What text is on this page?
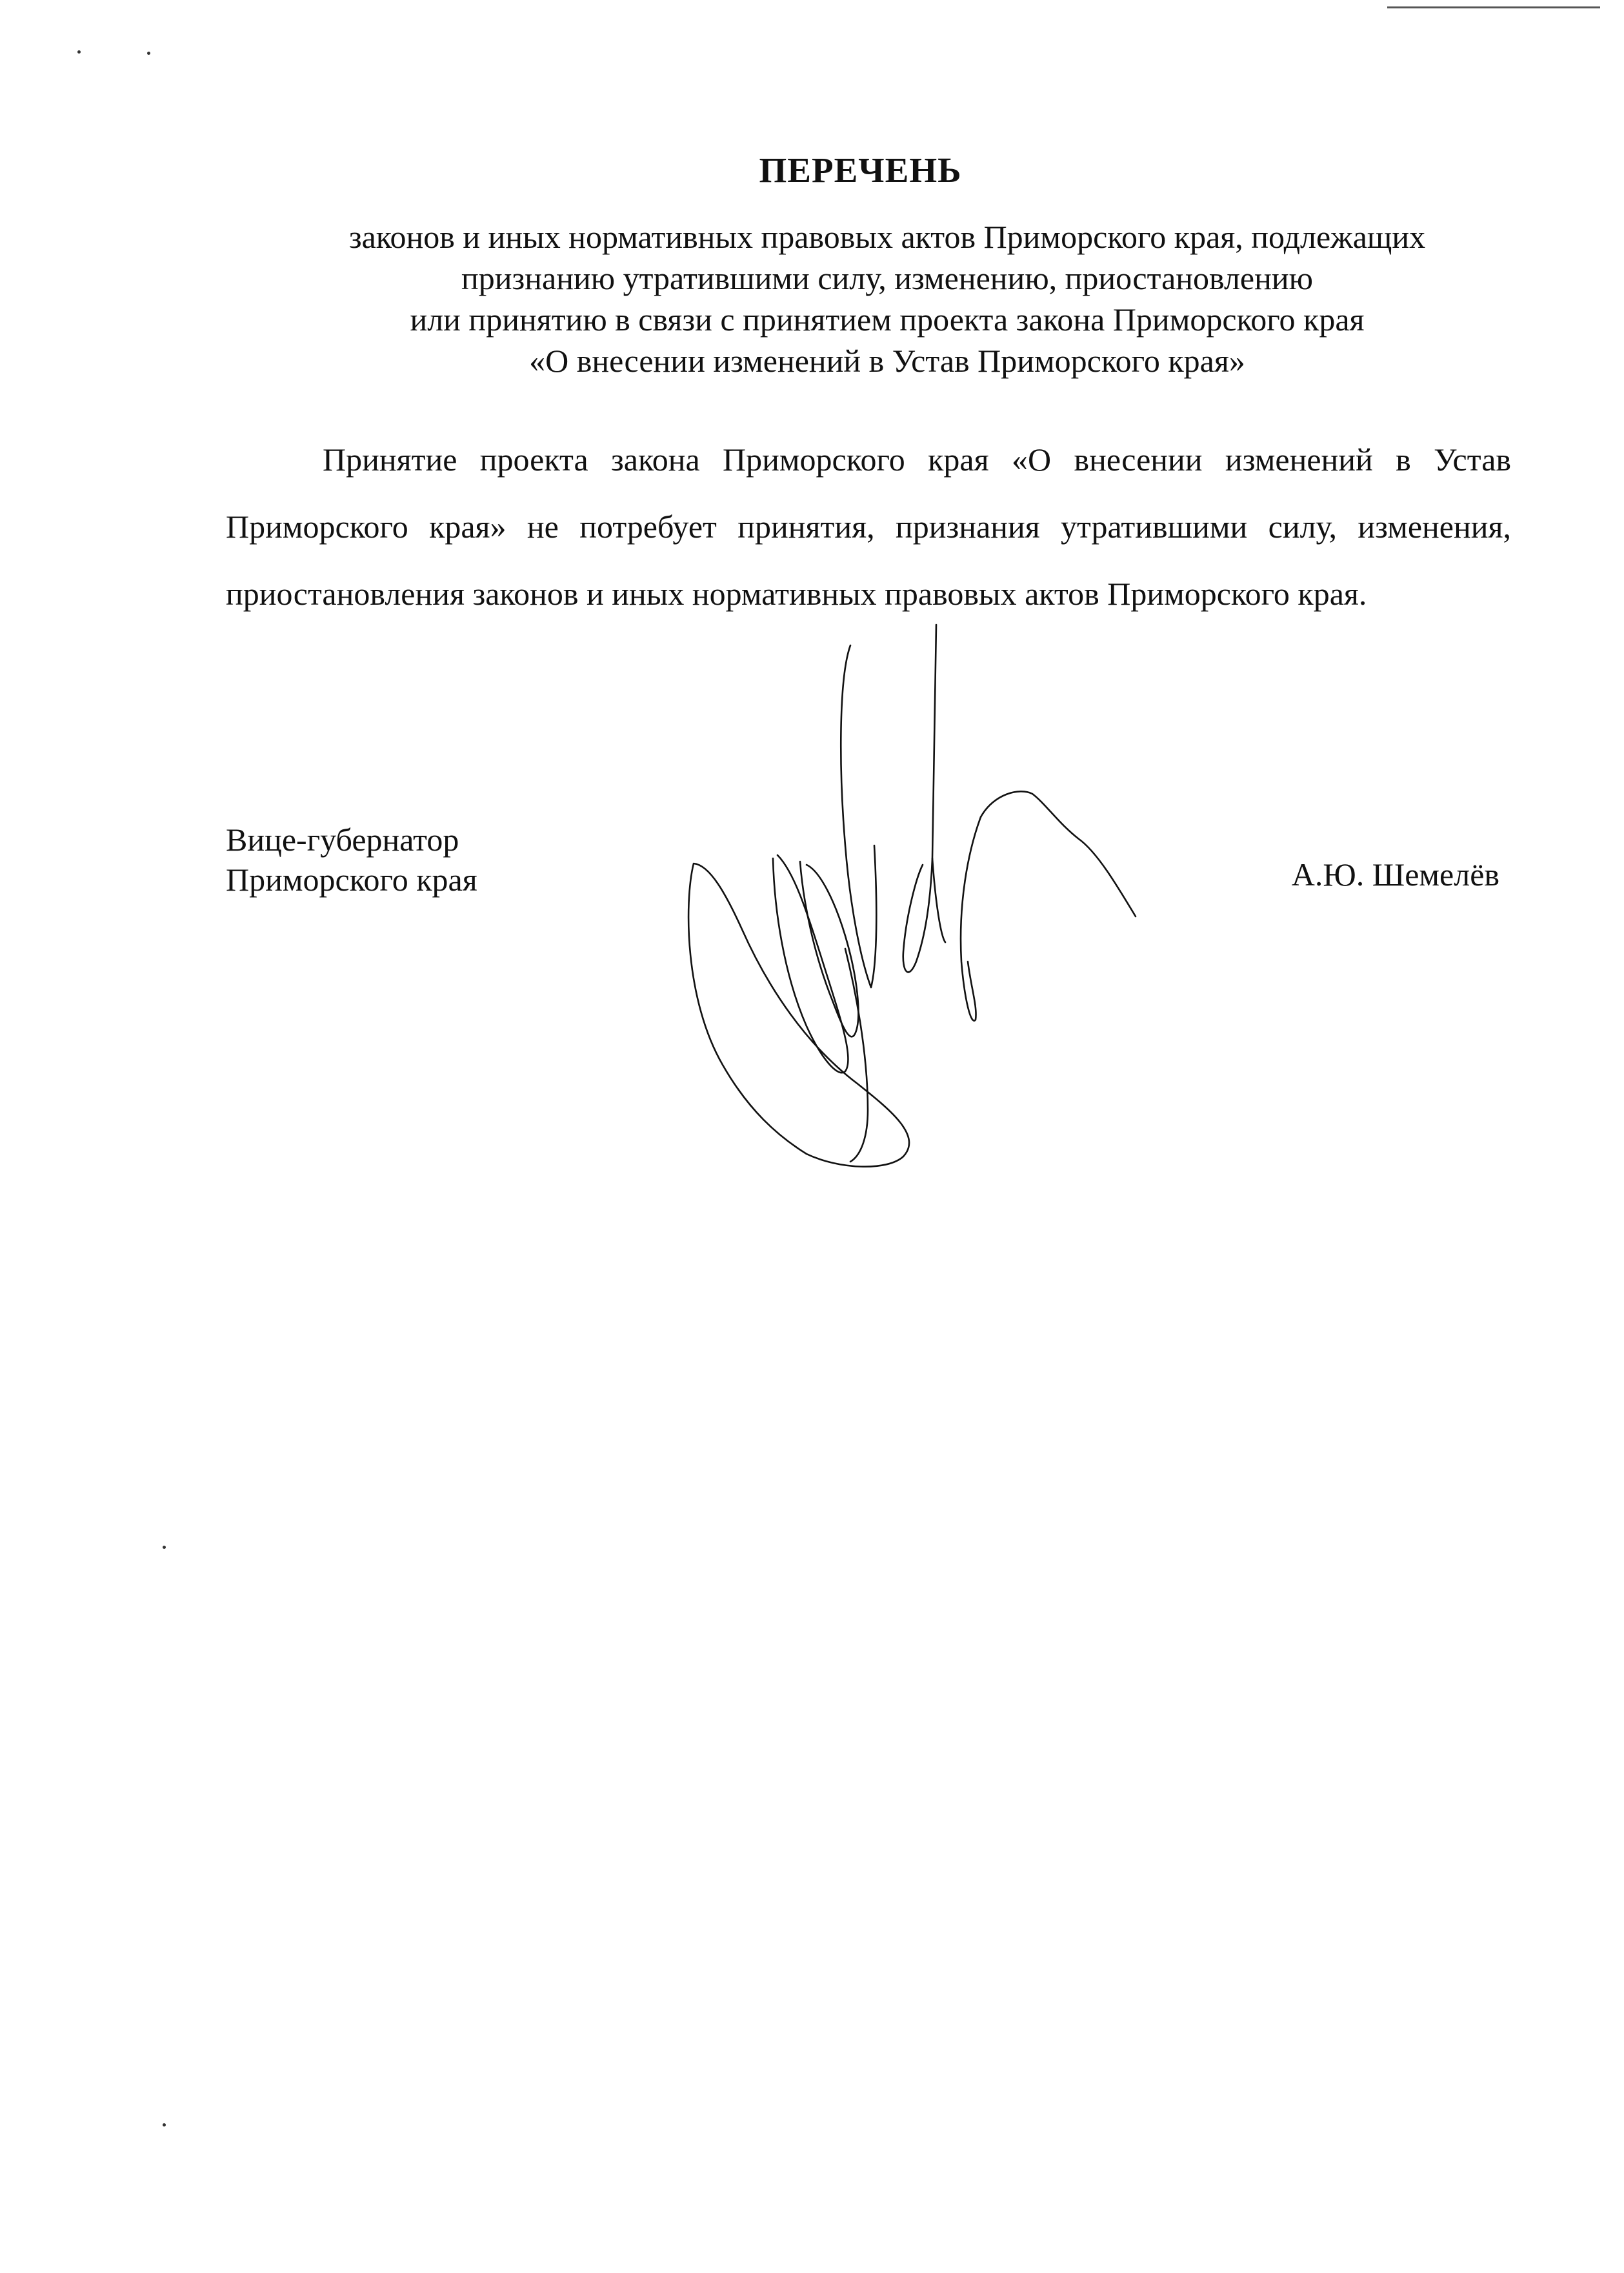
ПЕРЕЧЕНЬ
законов и иных нормативных правовых актов Приморского края, подлежащих
признанию утратившими силу, изменению, приостановлению
или принятию в связи с принятием проекта закона Приморского края
«О внесении изменений в Устав Приморского края»

Принятие проекта закона Приморского края «О внесении изменений в Устав Приморского края» не потребует принятия, признания утратившими силу, изменения, приостановления законов и иных нормативных правовых актов Приморского края.

Вице-губернатор
Приморского края	А.Ю. Шемелёв
